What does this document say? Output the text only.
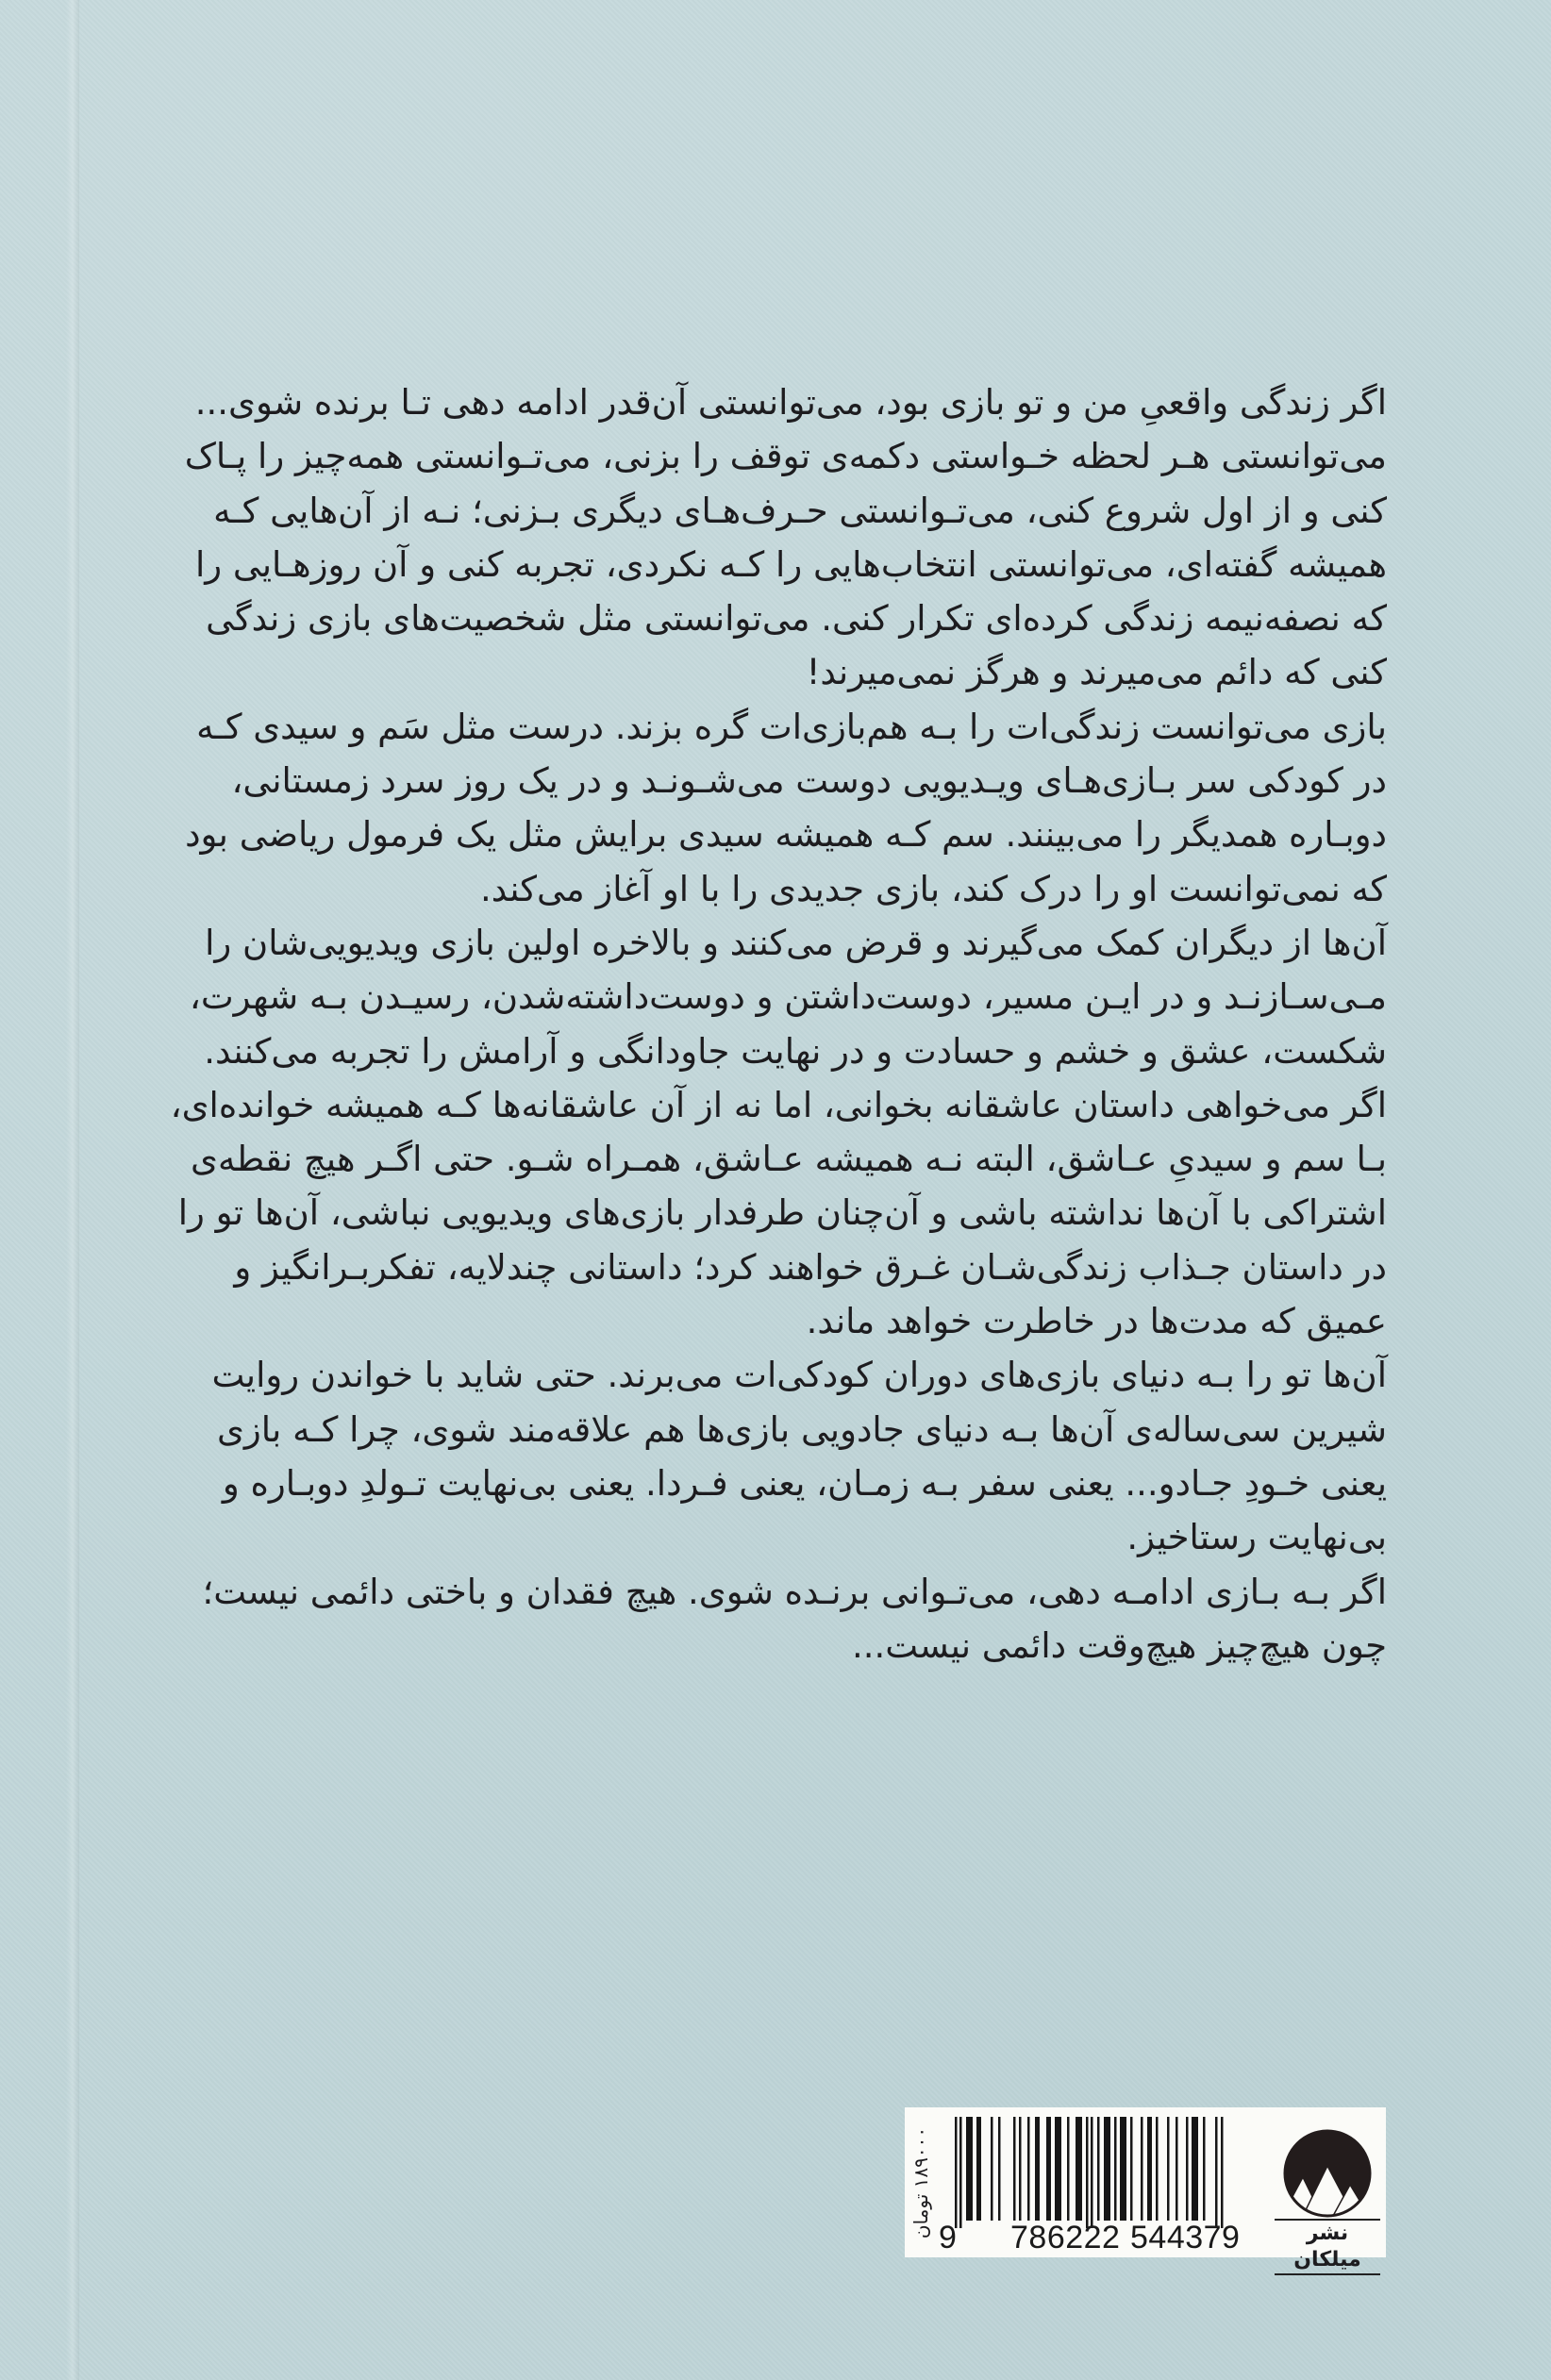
اگر زندگی واقعیِ من و تو بازی بود، می‌توانستی آن‌قدر ادامه دهی تـا برنده شوی...
می‌توانستی هـر لحظه خـواستی دکمه‌ی توقف را بزنی، می‌تـوانستی همه‌چیز را پـاک
کنی و از اول شروع کنی، می‌تـوانستی حـرف‌هـای دیگری بـزنی؛ نـه از آن‌هایی کـه
همیشه گفته‌ای، می‌توانستی انتخاب‌هایی را کـه نکردی، تجربه کنی و آن روزهـایی را
که نصفه‌نیمه زندگی کرده‌ای تکرار کنی. می‌توانستی مثل شخصیت‌های بازی زندگی
کنی که دائم می‌میرند و هرگز نمی‌میرند!
بازی می‌توانست زندگی‌ات را بـه هم‌بازی‌ات گره بزند. درست مثل سَم و سیدی کـه
در کودکی سر بـازی‌هـای ویـدیویی دوست می‌شـونـد و در یک روز سرد زمستانی،
دوبـاره همدیگر را می‌بینند. سم کـه همیشه سیدی برایش مثل یک فرمول ریاضی بود
که نمی‌توانست او را درک کند، بازی جدیدی را با او آغاز می‌کند.
آن‌ها از دیگران کمک می‌گیرند و قرض می‌کنند و بالاخره اولین بازی ویدیویی‌شان را
مـی‌سـازنـد و در ایـن مسیر، دوست‌داشتن و دوست‌داشته‌شدن، رسیـدن بـه شهرت،
شکست، عشق و خشم و حسادت و در نهایت جاودانگی و آرامش را تجربه می‌کنند.
اگر می‌خواهی داستان عاشقانه بخوانی، اما نه از آن عاشقانه‌ها کـه همیشه خوانده‌ای،
بـا سم و سیدیِ عـاشق، البته نـه همیشه عـاشق، همـراه شـو. حتی اگـر هیچ نقطه‌ی
اشتراکی با آن‌ها نداشته باشی و آن‌چنان طرفدار بازی‌های ویدیویی نباشی، آن‌ها تو را
در داستان جـذاب زندگی‌شـان غـرق خواهند کرد؛ داستانی چندلایه، تفکربـرانگیز و
عمیق که مدت‌ها در خاطرت خواهد ماند.
آن‌ها تو را بـه دنیای بازی‌های دوران کودکی‌ات می‌برند. حتی شاید با خواندن روایت
شیرین سی‌ساله‌ی آن‌ها بـه دنیای جادویی بازی‌ها هم علاقه‌مند شوی، چرا کـه بازی
یعنی خـودِ جـادو... یعنی سفر بـه زمـان، یعنی فـردا. یعنی بی‌نهایت تـولدِ دوبـاره و
بی‌نهایت رستاخیز.
اگر بـه بـازی ادامـه دهی، می‌تـوانی برنـده شوی. هیچ فقدان و باختی دائمی نیست؛
چون هیچ‌چیز هیچ‌وقت دائمی نیست...
۱۸۹۰۰۰ تومان
9 786222 544379	نشر میلکان
